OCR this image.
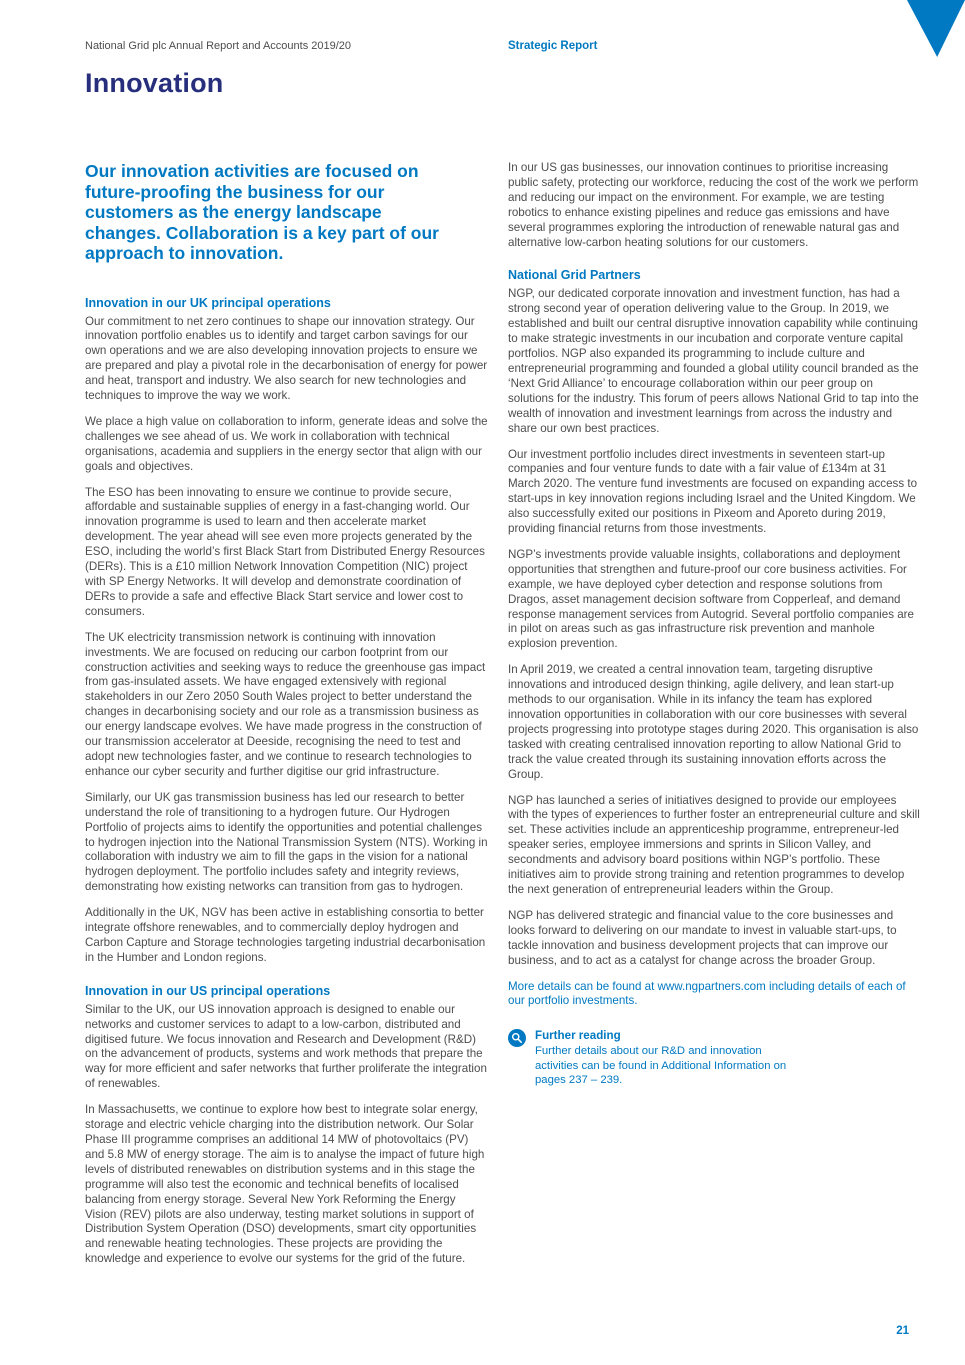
National Grid plc Annual Report and Accounts 2019/20	Strategic Report
Innovation

Our innovation activities are focused on future-proofing the business for our customers as the energy landscape changes. Collaboration is a key part of our approach to innovation.

Innovation in our UK principal operations

Our commitment to net zero continues to shape our innovation strategy. Our innovation portfolio enables us to identify and target carbon savings for our own operations and we are also developing innovation projects to ensure we are prepared and play a pivotal role in the decarbonisation of energy for power and heat, transport and industry. We also search for new technologies and techniques to improve the way we work.

We place a high value on collaboration to inform, generate ideas and solve the challenges we see ahead of us. We work in collaboration with technical organisations, academia and suppliers in the energy sector that align with our goals and objectives.

The ESO has been innovating to ensure we continue to provide secure, affordable and sustainable supplies of energy in a fast-changing world. Our innovation programme is used to learn and then accelerate market development. The year ahead will see even more projects generated by the ESO, including the world’s first Black Start from Distributed Energy Resources (DERs). This is a £10 million Network Innovation Competition (NIC) project with SP Energy Networks. It will develop and demonstrate coordination of DERs to provide a safe and effective Black Start service and lower cost to consumers.

The UK electricity transmission network is continuing with innovation investments. We are focused on reducing our carbon footprint from our construction activities and seeking ways to reduce the greenhouse gas impact from gas-insulated assets. We have engaged extensively with regional stakeholders in our Zero 2050 South Wales project to better understand the changes in decarbonising society and our role as a transmission business as our energy landscape evolves. We have made progress in the construction of our transmission accelerator at Deeside, recognising the need to test and adopt new technologies faster, and we continue to research technologies to enhance our cyber security and further digitise our grid infrastructure.

Similarly, our UK gas transmission business has led our research to better understand the role of transitioning to a hydrogen future. Our Hydrogen Portfolio of projects aims to identify the opportunities and potential challenges to hydrogen injection into the National Transmission System (NTS). Working in collaboration with industry we aim to fill the gaps in the vision for a national hydrogen deployment. The portfolio includes safety and integrity reviews, demonstrating how existing networks can transition from gas to hydrogen.

Additionally in the UK, NGV has been active in establishing consortia to better integrate offshore renewables, and to commercially deploy hydrogen and Carbon Capture and Storage technologies targeting industrial decarbonisation in the Humber and London regions.

Innovation in our US principal operations

Similar to the UK, our US innovation approach is designed to enable our networks and customer services to adapt to a low-carbon, distributed and digitised future. We focus innovation and Research and Development (R&D) on the advancement of products, systems and work methods that prepare the way for more efficient and safer networks that further proliferate the integration of renewables.

In Massachusetts, we continue to explore how best to integrate solar energy, storage and electric vehicle charging into the distribution network. Our Solar Phase III programme comprises an additional 14 MW of photovoltaics (PV) and 5.8 MW of energy storage. The aim is to analyse the impact of future high levels of distributed renewables on distribution systems and in this stage the programme will also test the economic and technical benefits of localised balancing from energy storage. Several New York Reforming the Energy Vision (REV) pilots are also underway, testing market solutions in support of Distribution System Operation (DSO) developments, smart city opportunities and renewable heating technologies. These projects are providing the knowledge and experience to evolve our systems for the grid of the future.

In our US gas businesses, our innovation continues to prioritise increasing public safety, protecting our workforce, reducing the cost of the work we perform and reducing our impact on the environment. For example, we are testing robotics to enhance existing pipelines and reduce gas emissions and have several programmes exploring the introduction of renewable natural gas and alternative low-carbon heating solutions for our customers.

National Grid Partners

NGP, our dedicated corporate innovation and investment function, has had a strong second year of operation delivering value to the Group. In 2019, we established and built our central disruptive innovation capability while continuing to make strategic investments in our incubation and corporate venture capital portfolios. NGP also expanded its programming to include culture and entrepreneurial programming and founded a global utility council branded as the ‘Next Grid Alliance’ to encourage collaboration within our peer group on solutions for the industry. This forum of peers allows National Grid to tap into the wealth of innovation and investment learnings from across the industry and share our own best practices.

Our investment portfolio includes direct investments in seventeen start-up companies and four venture funds to date with a fair value of £134m at 31 March 2020. The venture fund investments are focused on expanding access to start-ups in key innovation regions including Israel and the United Kingdom. We also successfully exited our positions in Pixeom and Aporeto during 2019, providing financial returns from those investments.

NGP’s investments provide valuable insights, collaborations and deployment opportunities that strengthen and future-proof our core business activities. For example, we have deployed cyber detection and response solutions from Dragos, asset management decision software from Copperleaf, and demand response management services from Autogrid. Several portfolio companies are in pilot on areas such as gas infrastructure risk prevention and manhole explosion prevention.

In April 2019, we created a central innovation team, targeting disruptive innovations and introduced design thinking, agile delivery, and lean start-up methods to our organisation. While in its infancy the team has explored innovation opportunities in collaboration with our core businesses with several projects progressing into prototype stages during 2020. This organisation is also tasked with creating centralised innovation reporting to allow National Grid to track the value created through its sustaining innovation efforts across the Group.

NGP has launched a series of initiatives designed to provide our employees with the types of experiences to further foster an entrepreneurial culture and skill set. These activities include an apprenticeship programme, entrepreneur-led speaker series, employee immersions and sprints in Silicon Valley, and secondments and advisory board positions within NGP’s portfolio. These initiatives aim to provide strong training and retention programmes to develop the next generation of entrepreneurial leaders within the Group.

NGP has delivered strategic and financial value to the core businesses and looks forward to delivering on our mandate to invest in valuable start-ups, to tackle innovation and business development projects that can improve our business, and to act as a catalyst for change across the broader Group.

More details can be found at www.ngpartners.com including details of each of our portfolio investments.

Further reading
Further details about our R&D and innovation activities can be found in Additional Information on pages 237 – 239.
21
